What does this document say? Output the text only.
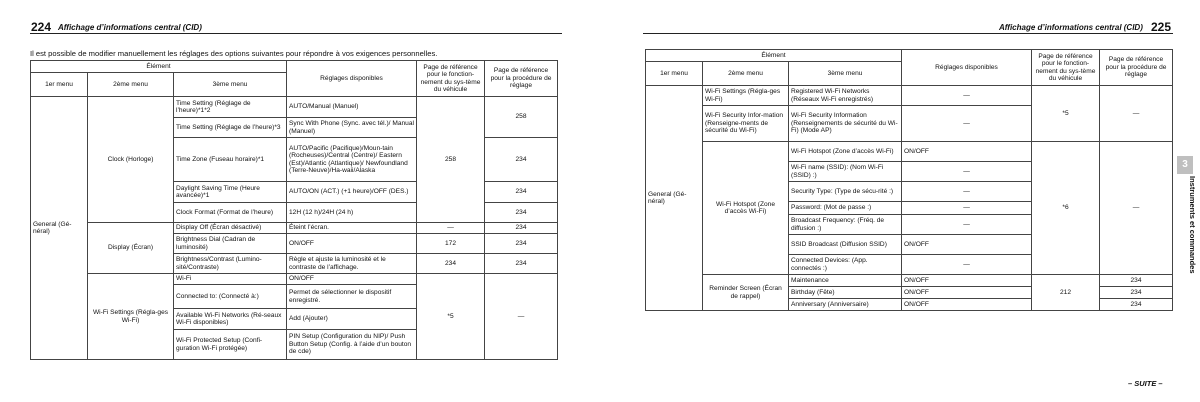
224 Affichage d’informations central (CID)
Il est possible de modifier manuellement les réglages des options suivantes pour répondre à vos exigences personnelles.
Élément			Réglages disponibles	Page de référence pour le fonction-nement du sys-tème du véhicule	Page de référence pour la procédure de réglage
1er menu	2ème menu	3ème menu			
General (Gé-néral)	Clock (Horloge)	Time Setting (Réglage de l’heure)*1*2	AUTO/Manual (Manuel)	258	258
		Time Setting (Réglage de l’heure)*3	Sync With Phone (Sync. avec tél.)/ Manual (Manuel)		
		Time Zone (Fuseau horaire)*1	AUTO/Pacific (Pacifique)/Moun-tain (Rocheuses)/Central (Centre)/ Eastern (Est)/Atlantic (Atlantique)/ Newfoundland (Terre-Neuve)/Ha-waii/Alaska		234
		Daylight Saving Time (Heure avancée)*1	AUTO/ON (ACT.) (+1 heure)/OFF (DES.)		234
		Clock Format (Format de l’heure)	12H (12 h)/24H (24 h)		234
	Display (Écran)	Display Off (Écran désactivé)	Éteint l’écran.	—	234
		Brightness Dial (Cadran de luminosité)	ON/OFF	172	234
		Brightness/Contrast (Lumino-sité/Contraste)	Règle et ajuste la luminosité et le contraste de l’affichage.	234	234
	Wi-Fi Settings (Régla-ges Wi-Fi)	Wi-Fi	ON/OFF	*5	—
		Connected to: (Connecté à:)	Permet de sélectionner le dispositif enregistré.		
		Available Wi-Fi Networks (Ré-seaux Wi-Fi disponibles)	Add (Ajouter)		
		Wi-Fi Protected Setup (Confi-guration Wi-Fi protégée)	PIN Setup (Configuration du NIP)/ Push Button Setup (Config. à l’aide d’un bouton de cde)		
Affichage d’informations central (CID) 225
Élément			Réglages disponibles	Page de référence pour le fonction-nement du sys-tème du véhicule	Page de référence pour la procédure de réglage
1er menu	2ème menu	3ème menu			
General (Gé-néral)	Wi-Fi Settings (Régla-ges Wi-Fi)	Registered Wi-Fi Networks (Réseaux Wi-Fi enregistrés)	—	*5	—
	Wi-Fi Security Infor-mation (Renseigne-ments de sécurité du Wi-Fi)	Wi-Fi Security Information (Renseignements de sécurité du Wi-Fi) (Mode AP)	—		
	Wi-Fi Hotspot (Zone d’accès Wi-Fi)	Wi-Fi Hotspot (Zone d’accès Wi-Fi)	ON/OFF	*6	—
		Wi-Fi name (SSID): (Nom Wi-Fi (SSID) :)	—		
		Security Type: (Type de sécu-rité :)	—		
		Password: (Mot de passe :)	—		
		Broadcast Frequency: (Fréq. de diffusion :)	—		
		SSID Broadcast (Diffusion SSID)	ON/OFF		
		Connected Devices: (App. connectés :)	—		
	Reminder Screen (Écran de rappel)	Maintenance	ON/OFF	212	234
		Birthday (Fête)	ON/OFF		234
		Anniversary (Anniversaire)	ON/OFF		234
3
Instruments et commandes
– SUITE –
